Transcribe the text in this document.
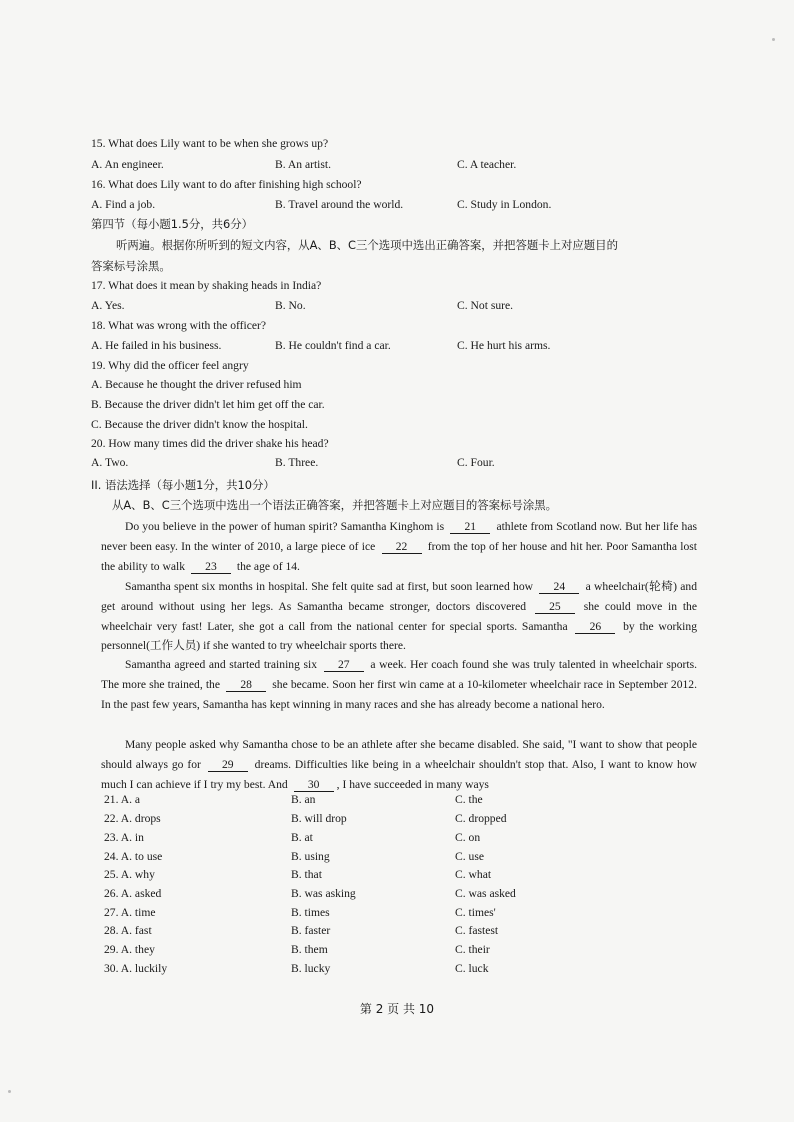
15. What does Lily want to be when she grows up?
A. An engineer.	B. An artist.	C. A teacher.
16. What does Lily want to do after finishing high school?
A. Find a job.	B. Travel around the world.	C. Study in London.
第四节（每小题1.5分，共6分）
听两遍。根据你所听到的短文内容，从A、B、C三个选项中选出正确答案，并把答题卡上对应题目的
答案标号涂黑。
17. What does it mean by shaking heads in India?
A. Yes.	B. No.	C. Not sure.
18. What was wrong with the officer?
A. He failed in his business.	B. He couldn't find a car.	C. He hurt his arms.
19. Why did the officer feel angry
A. Because he thought the driver refused him
B. Because the driver didn't let him get off the car.
C. Because the driver didn't know the hospital.
20. How many times did the driver shake his head?
A. Two.	B. Three.	C. Four.
II. 语法选择（每小题1分，共10分）
从A、B、C三个选项中选出一个语法正确答案，并把答题卡上对应题目的答案标号涂黑。
Do you believe in the power of human spirit? Samantha Kinghom is 21 athlete from Scotland now. But her life has never been easy. In the winter of 2010, a large piece of ice 22 from the top of her house and hit her. Poor Samantha lost the ability to walk 23 the age of 14.
Samantha spent six months in hospital. She felt quite sad at first, but soon learned how 24 a wheelchair(轮椅) and get around without using her legs. As Samantha became stronger, doctors discovered 25 she could move in the wheelchair very fast! Later, she got a call from the national center for special sports. Samantha 26 by the working personnel(工作人员) if she wanted to try wheelchair sports there.
Samantha agreed and started training six 27 a week. Her coach found she was truly talented in wheelchair sports. The more she trained, the 28 she became. Soon her first win came at a 10-kilometer wheelchair race in September 2012. In the past few years, Samantha has kept winning in many races and she has already become a national hero.
Many people asked why Samantha chose to be an athlete after she became disabled. She said, "I want to show that people should always go for 29 dreams. Difficulties like being in a wheelchair shouldn't stop that. Also, I want to know how much I can achieve if I try my best. And 30 , I have succeeded in many ways
21. A. a	B. an	C. the
22. A. drops	B. will drop	C. dropped
23. A. in	B. at	C. on
24. A. to use	B. using	C. use
25. A. why	B. that	C. what
26. A. asked	B. was asking	C. was asked
27. A. time	B. times	C. times'
28. A. fast	B. faster	C. fastest
29. A. they	B. them	C. their
30. A. luckily	B. lucky	C. luck
第 2 页 共 10
